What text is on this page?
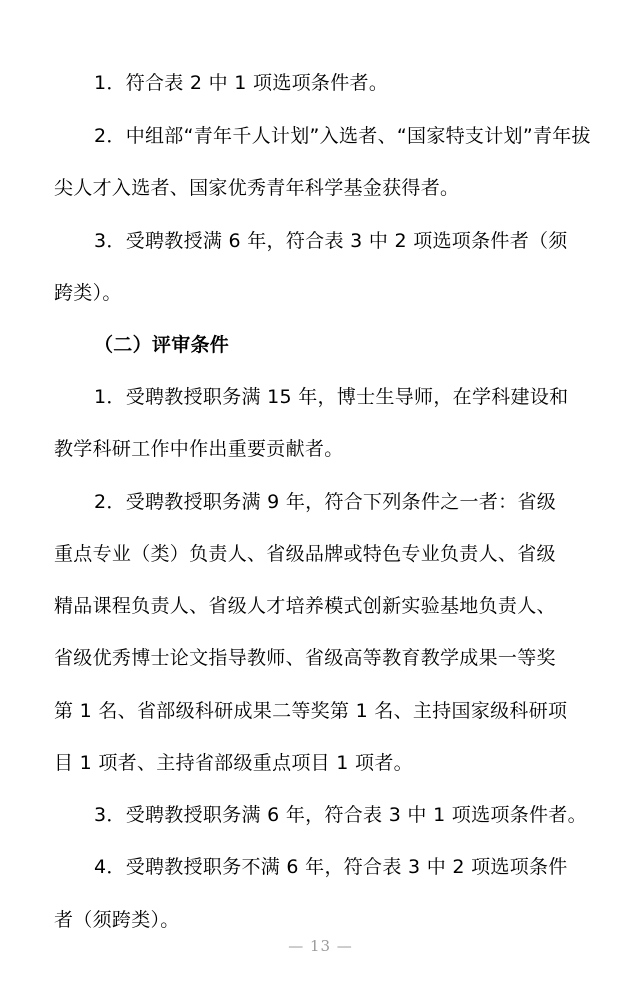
1．符合表 2 中 1 项选项条件者。
2．中组部“青年千人计划”入选者、“国家特支计划”青年拔
尖人才入选者、国家优秀青年科学基金获得者。
3．受聘教授满 6 年，符合表 3 中 2 项选项条件者（须
跨类）。
（二）评审条件
1．受聘教授职务满 15 年，博士生导师，在学科建设和
教学科研工作中作出重要贡献者。
2．受聘教授职务满 9 年，符合下列条件之一者：省级
重点专业（类）负责人、省级品牌或特色专业负责人、省级
精品课程负责人、省级人才培养模式创新实验基地负责人、
省级优秀博士论文指导教师、省级高等教育教学成果一等奖
第 1 名、省部级科研成果二等奖第 1 名、主持国家级科研项
目 1 项者、主持省部级重点项目 1 项者。
3．受聘教授职务满 6 年，符合表 3 中 1 项选项条件者。
4．受聘教授职务不满 6 年，符合表 3 中 2 项选项条件
者（须跨类）。
— 13 —
